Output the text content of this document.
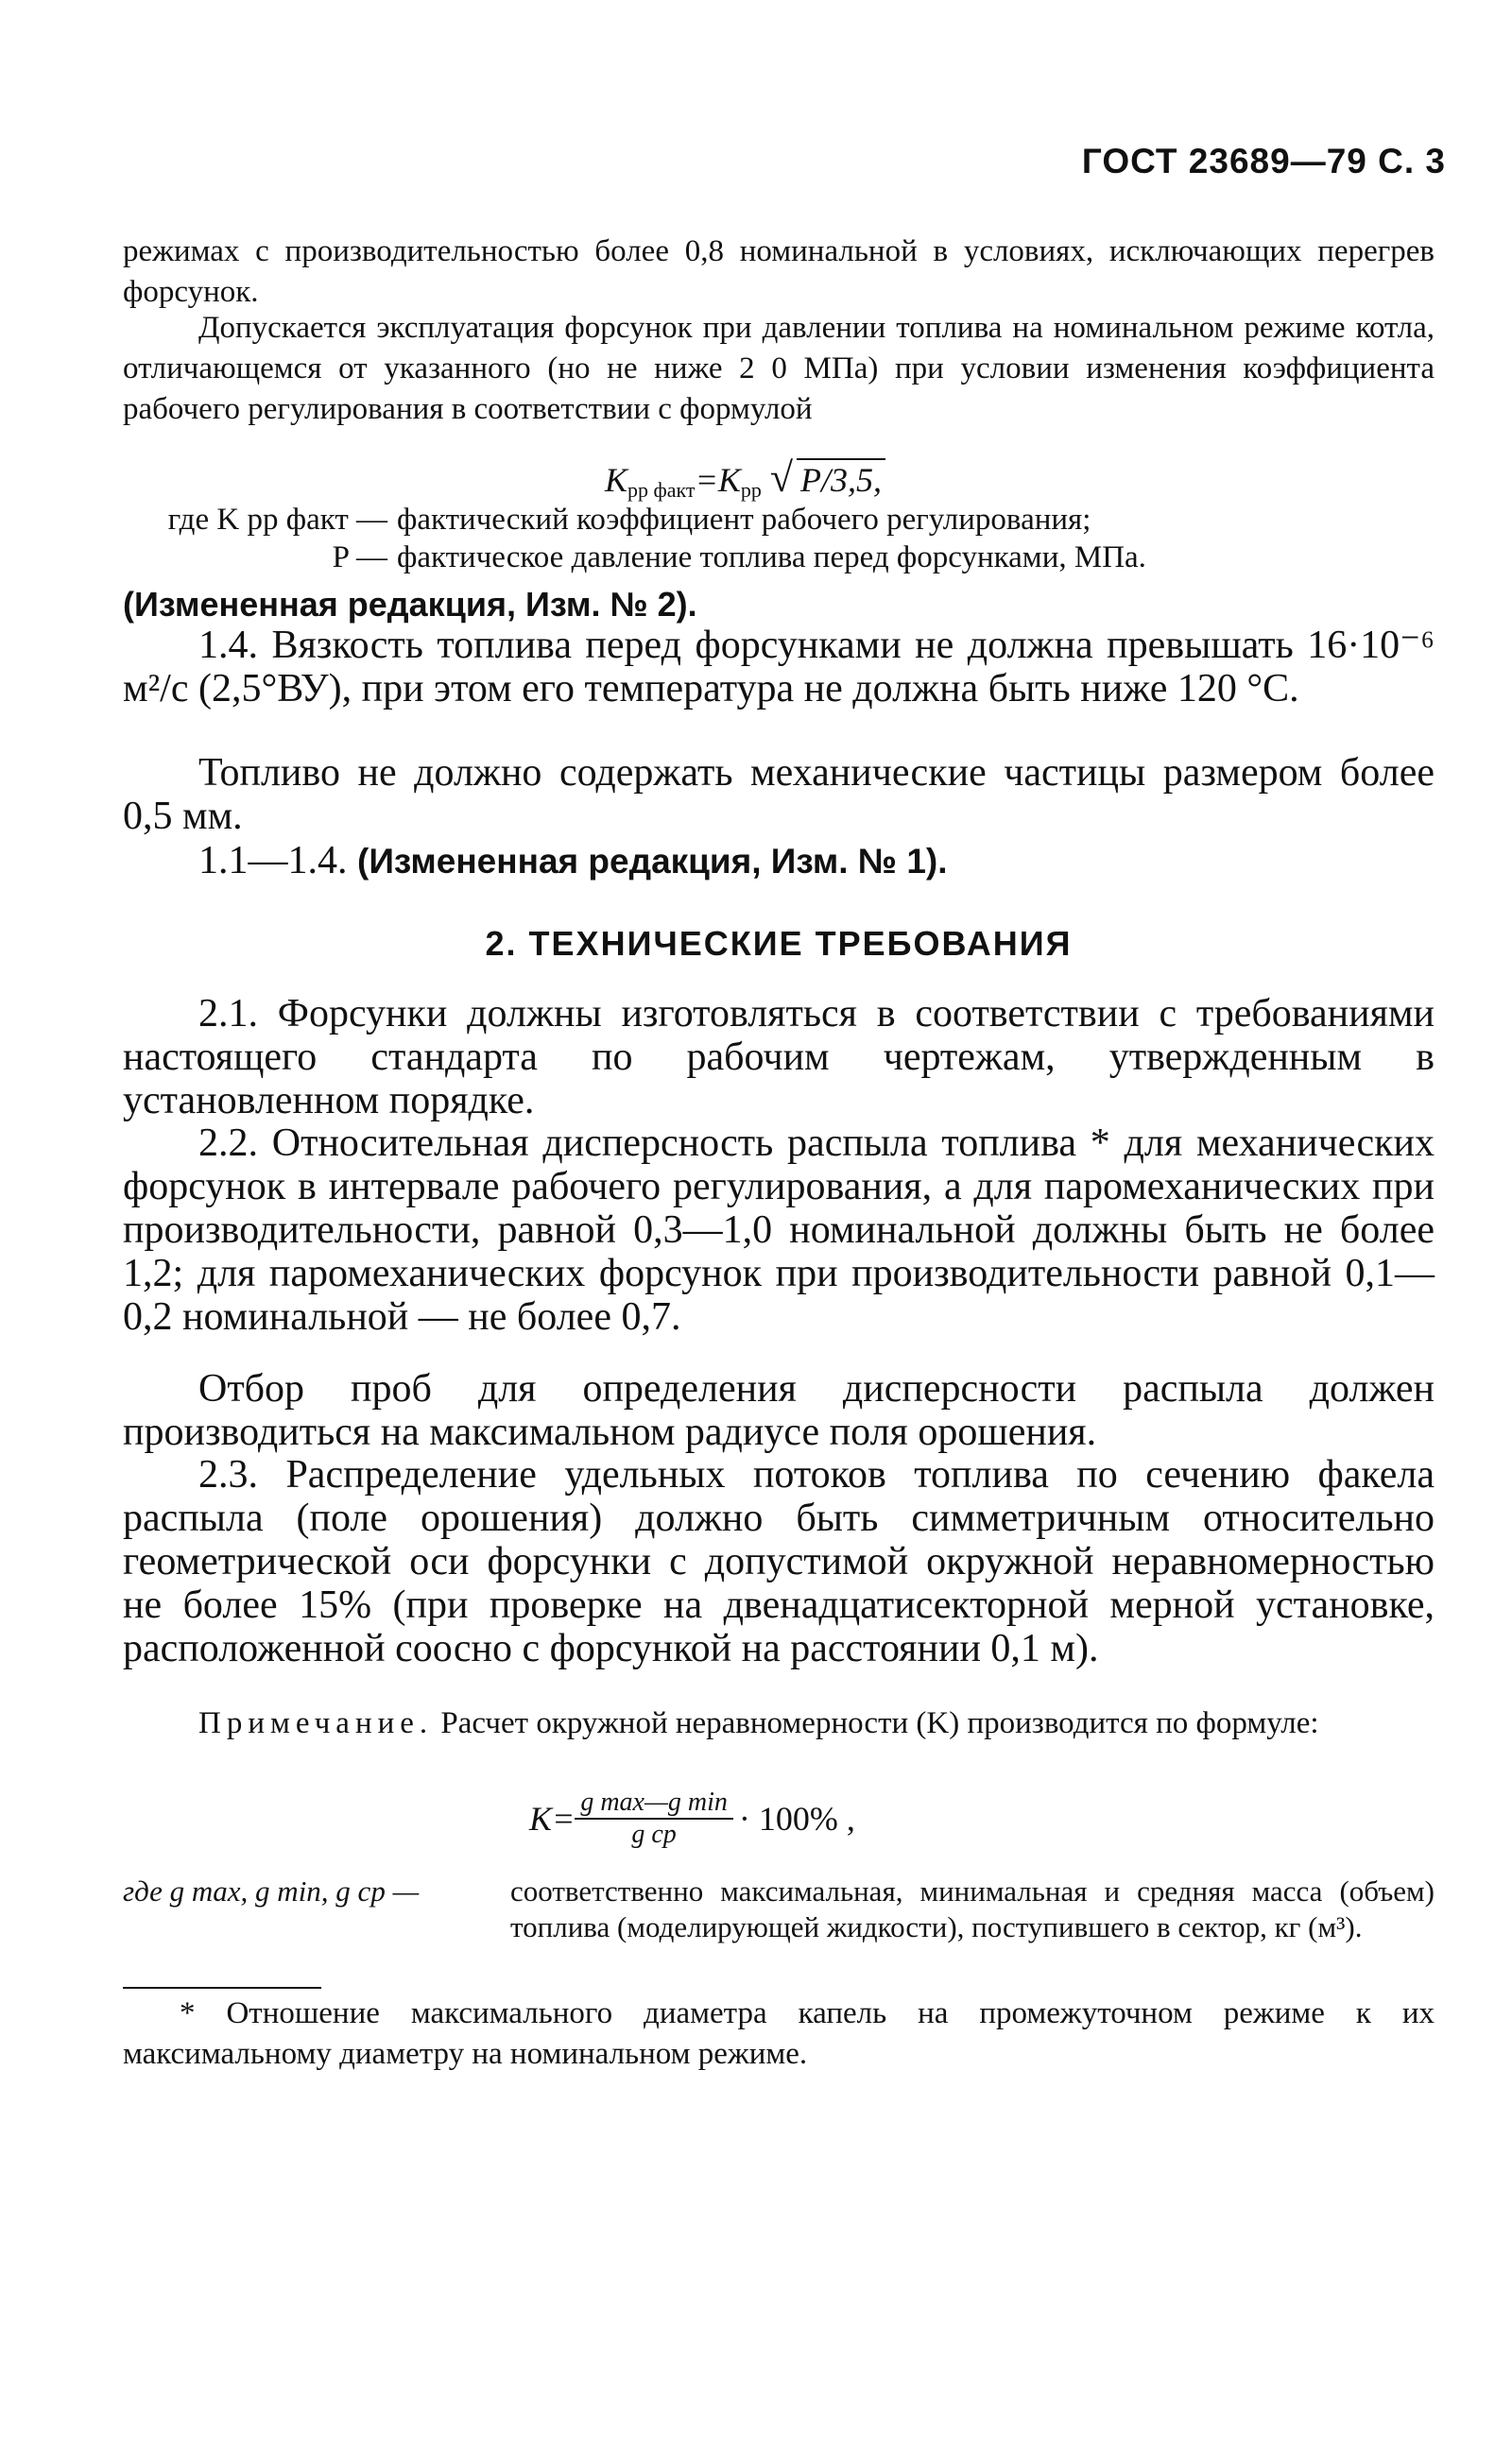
ГОСТ 23689—79 С. 3

режимах с производительностью более 0,8 номинальной в условиях, исключающих перегрев форсунок.

Допускается эксплуатация форсунок при давлении топлива на номинальном режиме котла, отличающемся от указанного (но не ниже 2 0 МПа) при условии изменения коэффициента рабочего регулирования в соответствии с формулой

$K_{рр факт}=K_{рр}$ √ P/3,5,
где K рр факт — фактический коэффициент рабочего регулирования;
P — фактическое давление топлива перед форсунками, МПа.

(Измененная редакция, Изм. № 2).

1.4. Вязкость топлива перед форсунками не должна превышать 16·10⁻⁶ м²/с (2,5°ВУ), при этом его температура не должна быть ниже 120 °С.

Топливо не должно содержать механические частицы размером более 0,5 мм.

1.1—1.4. (Измененная редакция, Изм. № 1).

2. ТЕХНИЧЕСКИЕ ТРЕБОВАНИЯ

2.1. Форсунки должны изготовляться в соответствии с требованиями настоящего стандарта по рабочим чертежам, утвержденным в установленном порядке.

2.2. Относительная дисперсность распыла топлива * для механических форсунок в интервале рабочего регулирования, а для паромеханических при производительности, равной 0,3—1,0 номинальной должны быть не более 1,2; для паромеханических форсунок при производительности равной 0,1—0,2 номинальной — не более 0,7.

Отбор проб для определения дисперсности распыла должен производиться на максимальном радиусе поля орошения.

2.3. Распределение удельных потоков топлива по сечению факела распыла (поле орошения) должно быть симметричным относительно геометрической оси форсунки с допустимой окружной неравномерностью не более 15% (при проверке на двенадцатисекторной мерной установке, расположенной соосно с форсункой на расстоянии 0,1 м).

Примечание. Расчет окружной неравномерности (K) производится по формуле:

$K= \frac{\text{g max—g min}}{\text{g ср}} \cdot 100\%$ ,
где g max, g min, g ср —	соответственно максимальная, минимальная и средняя масса (объем) топлива (моделирующей жидкости), поступившего в сектор, кг (м³).

* Отношение максимального диаметра капель на промежуточном режиме к их максимальному диаметру на номинальном режиме.
